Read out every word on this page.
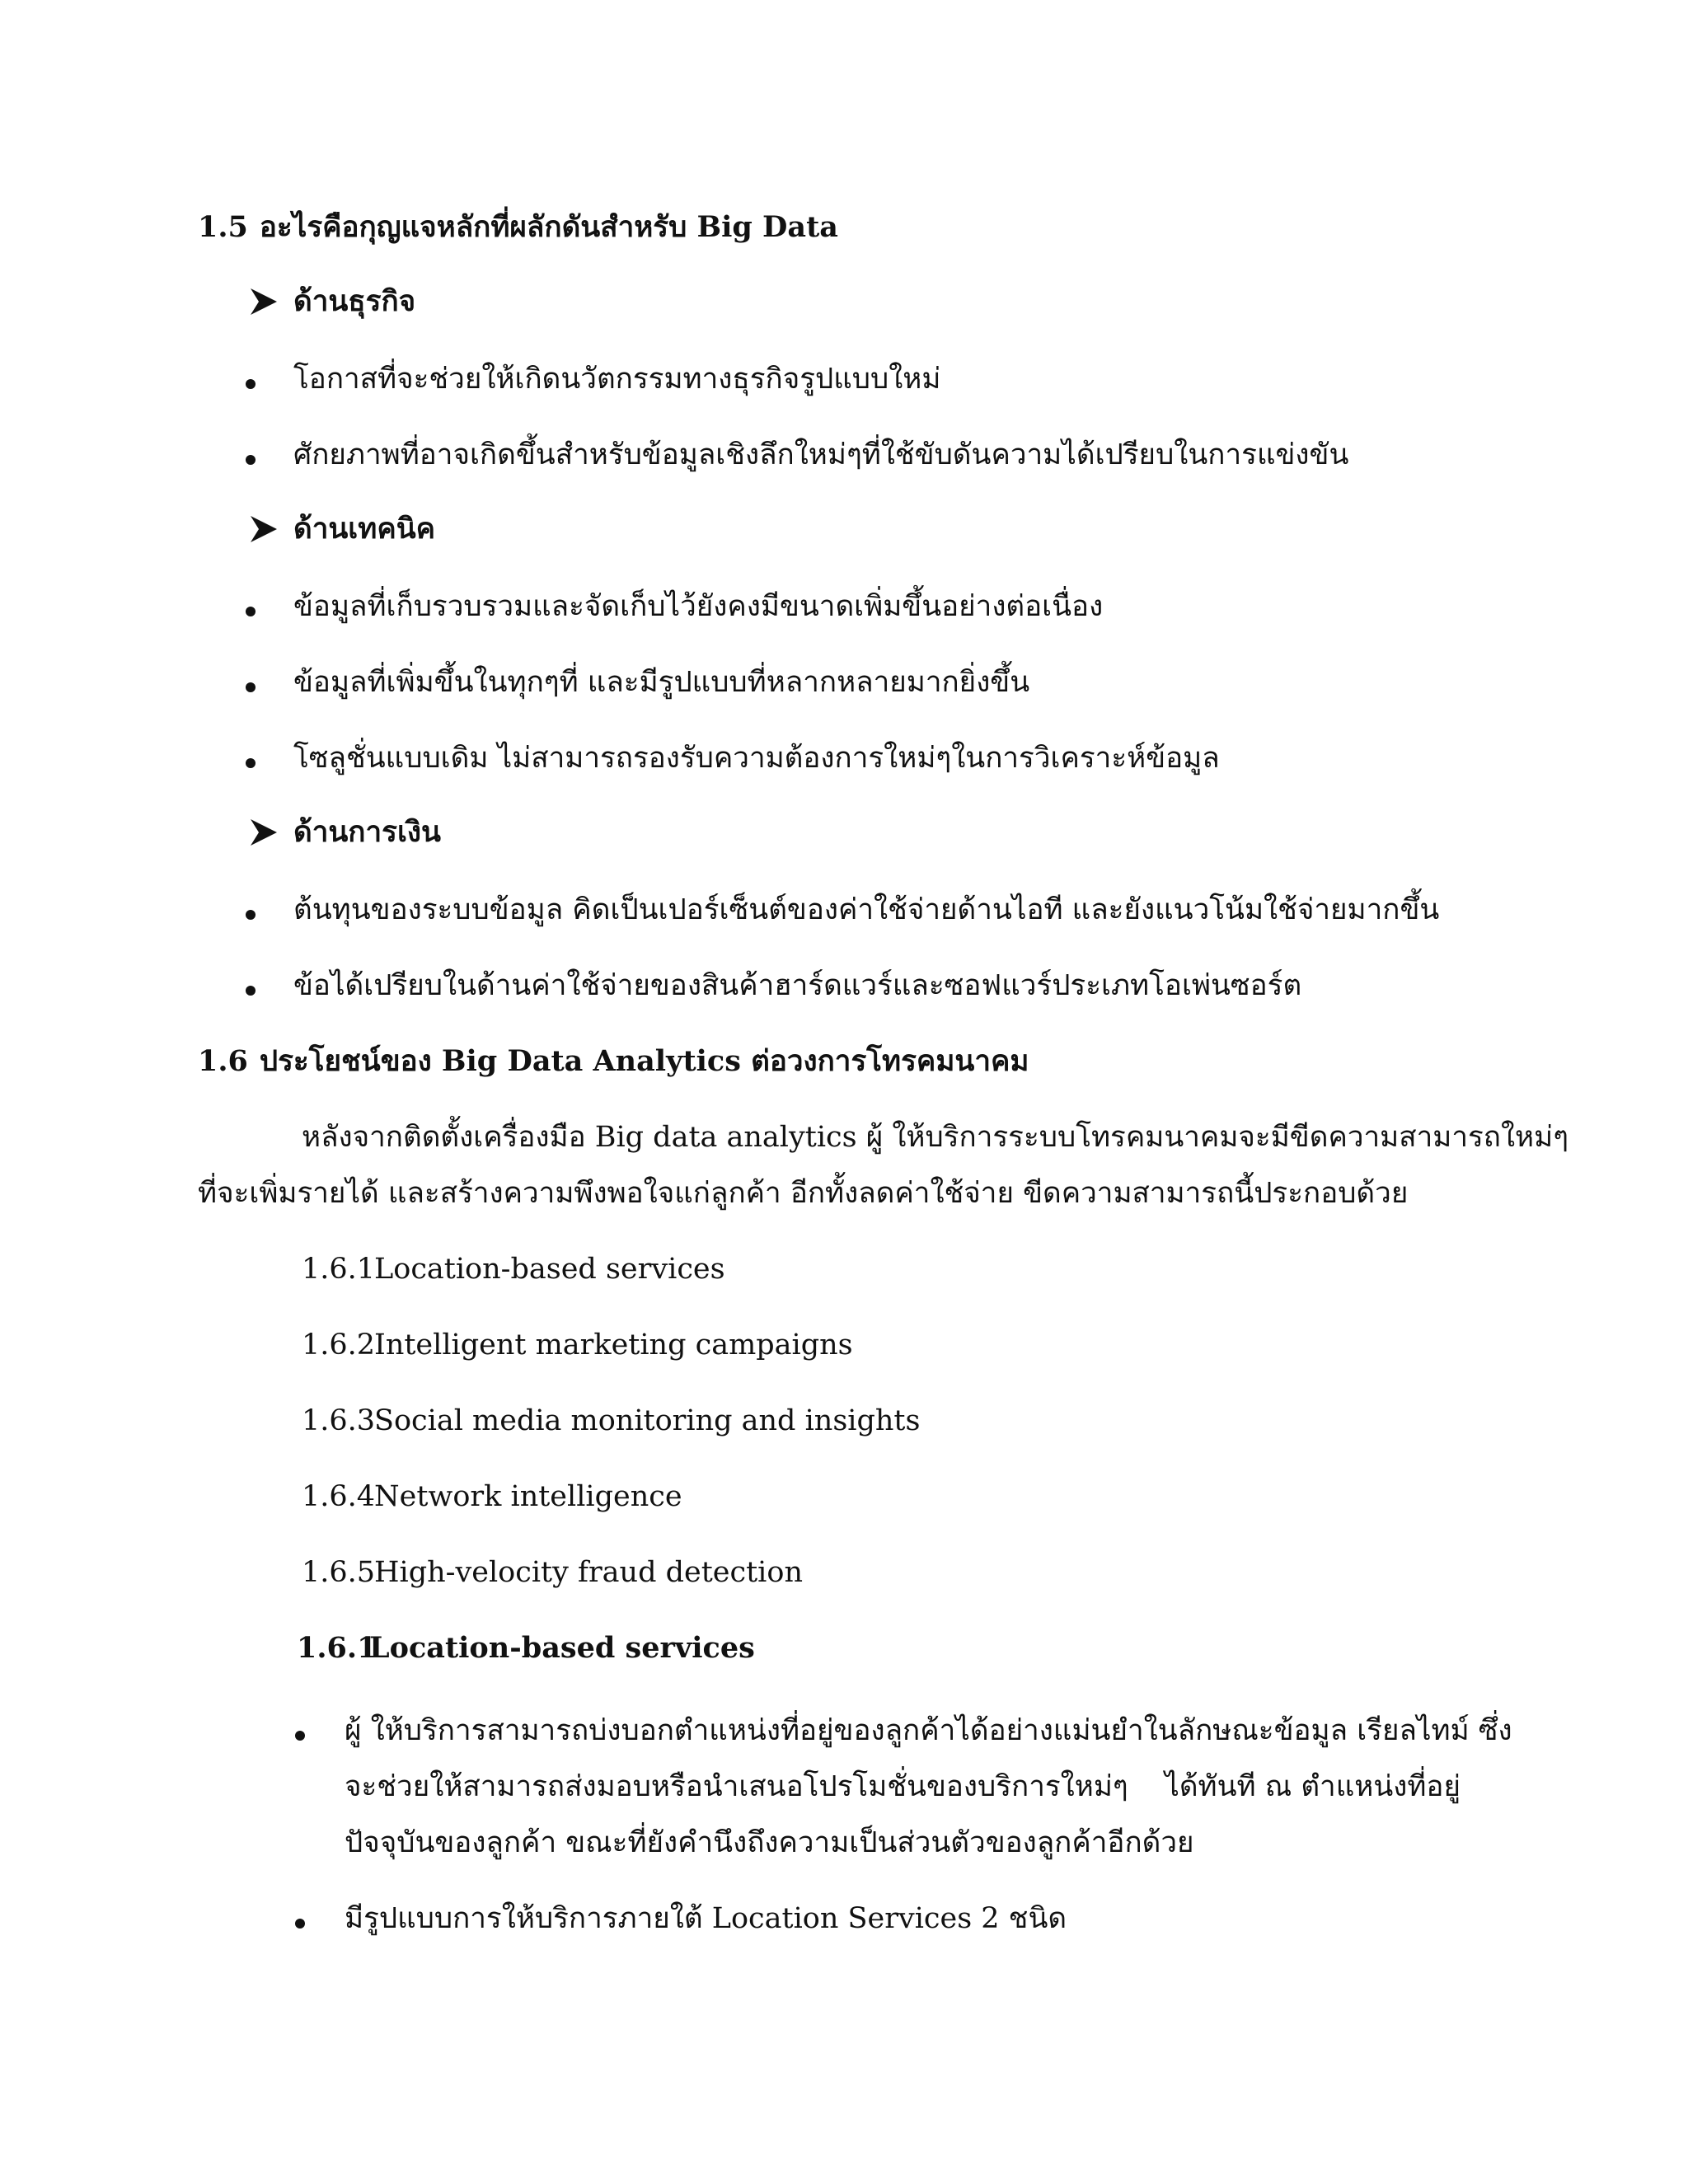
1.5 อะไรคือกุญแจหลักที่ผลักดันสำหรับ Big Data
ด้านธุรกิจ
โอกาสที่จะช่วยให้เกิดนวัตกรรมทางธุรกิจรูปแบบใหม่
ศักยภาพที่อาจเกิดขึ้นสำหรับข้อมูลเชิงลึกใหม่ๆที่ใช้ขับดันความได้เปรียบในการแข่งขัน
ด้านเทคนิค
ข้อมูลที่เก็บรวบรวมและจัดเก็บไว้ยังคงมีขนาดเพิ่มขึ้นอย่างต่อเนื่อง
ข้อมูลที่เพิ่มขึ้นในทุกๆที่ และมีรูปแบบที่หลากหลายมากยิ่งขึ้น
โซลูชั่นแบบเดิม ไม่สามารถรองรับความต้องการใหม่ๆในการวิเคราะห์ข้อมูล
ด้านการเงิน
ต้นทุนของระบบข้อมูล คิดเป็นเปอร์เซ็นต์ของค่าใช้จ่ายด้านไอที และยังแนวโน้มใช้จ่ายมากขึ้น
ข้อได้เปรียบในด้านค่าใช้จ่ายของสินค้าฮาร์ดแวร์และซอฟแวร์ประเภทโอเพ่นซอร์ต
1.6 ประโยชน์ของ Big Data Analytics ต่อวงการโทรคมนาคม
หลังจากติดตั้งเครื่องมือ Big data analytics ผู้ ให้บริการระบบโทรคมนาคมจะมีขีดความสามารถใหม่ๆ
ที่จะเพิ่มรายได้ และสร้างความพึงพอใจแก่ลูกค้า อีกทั้งลดค่าใช้จ่าย ขีดความสามารถนี้ประกอบด้วย
1.6.1Location-based services
1.6.2Intelligent marketing campaigns
1.6.3Social media monitoring and insights
1.6.4Network intelligence
1.6.5High-velocity fraud detection
1.6.1Location-based services
ผู้ ให้บริการสามารถบ่งบอกตำแหน่งที่อยู่ของลูกค้าได้อย่างแม่นยำในลักษณะข้อมูล เรียลไทม์ ซึ่ง
จะช่วยให้สามารถส่งมอบหรือนำเสนอโปรโมชั่นของบริการใหม่ๆ    ได้ทันที ณ ตำแหน่งที่อยู่
ปัจจุบันของลูกค้า ขณะที่ยังคำนึงถึงความเป็นส่วนตัวของลูกค้าอีกด้วย
มีรูปแบบการให้บริการภายใต้ Location Services 2 ชนิด
